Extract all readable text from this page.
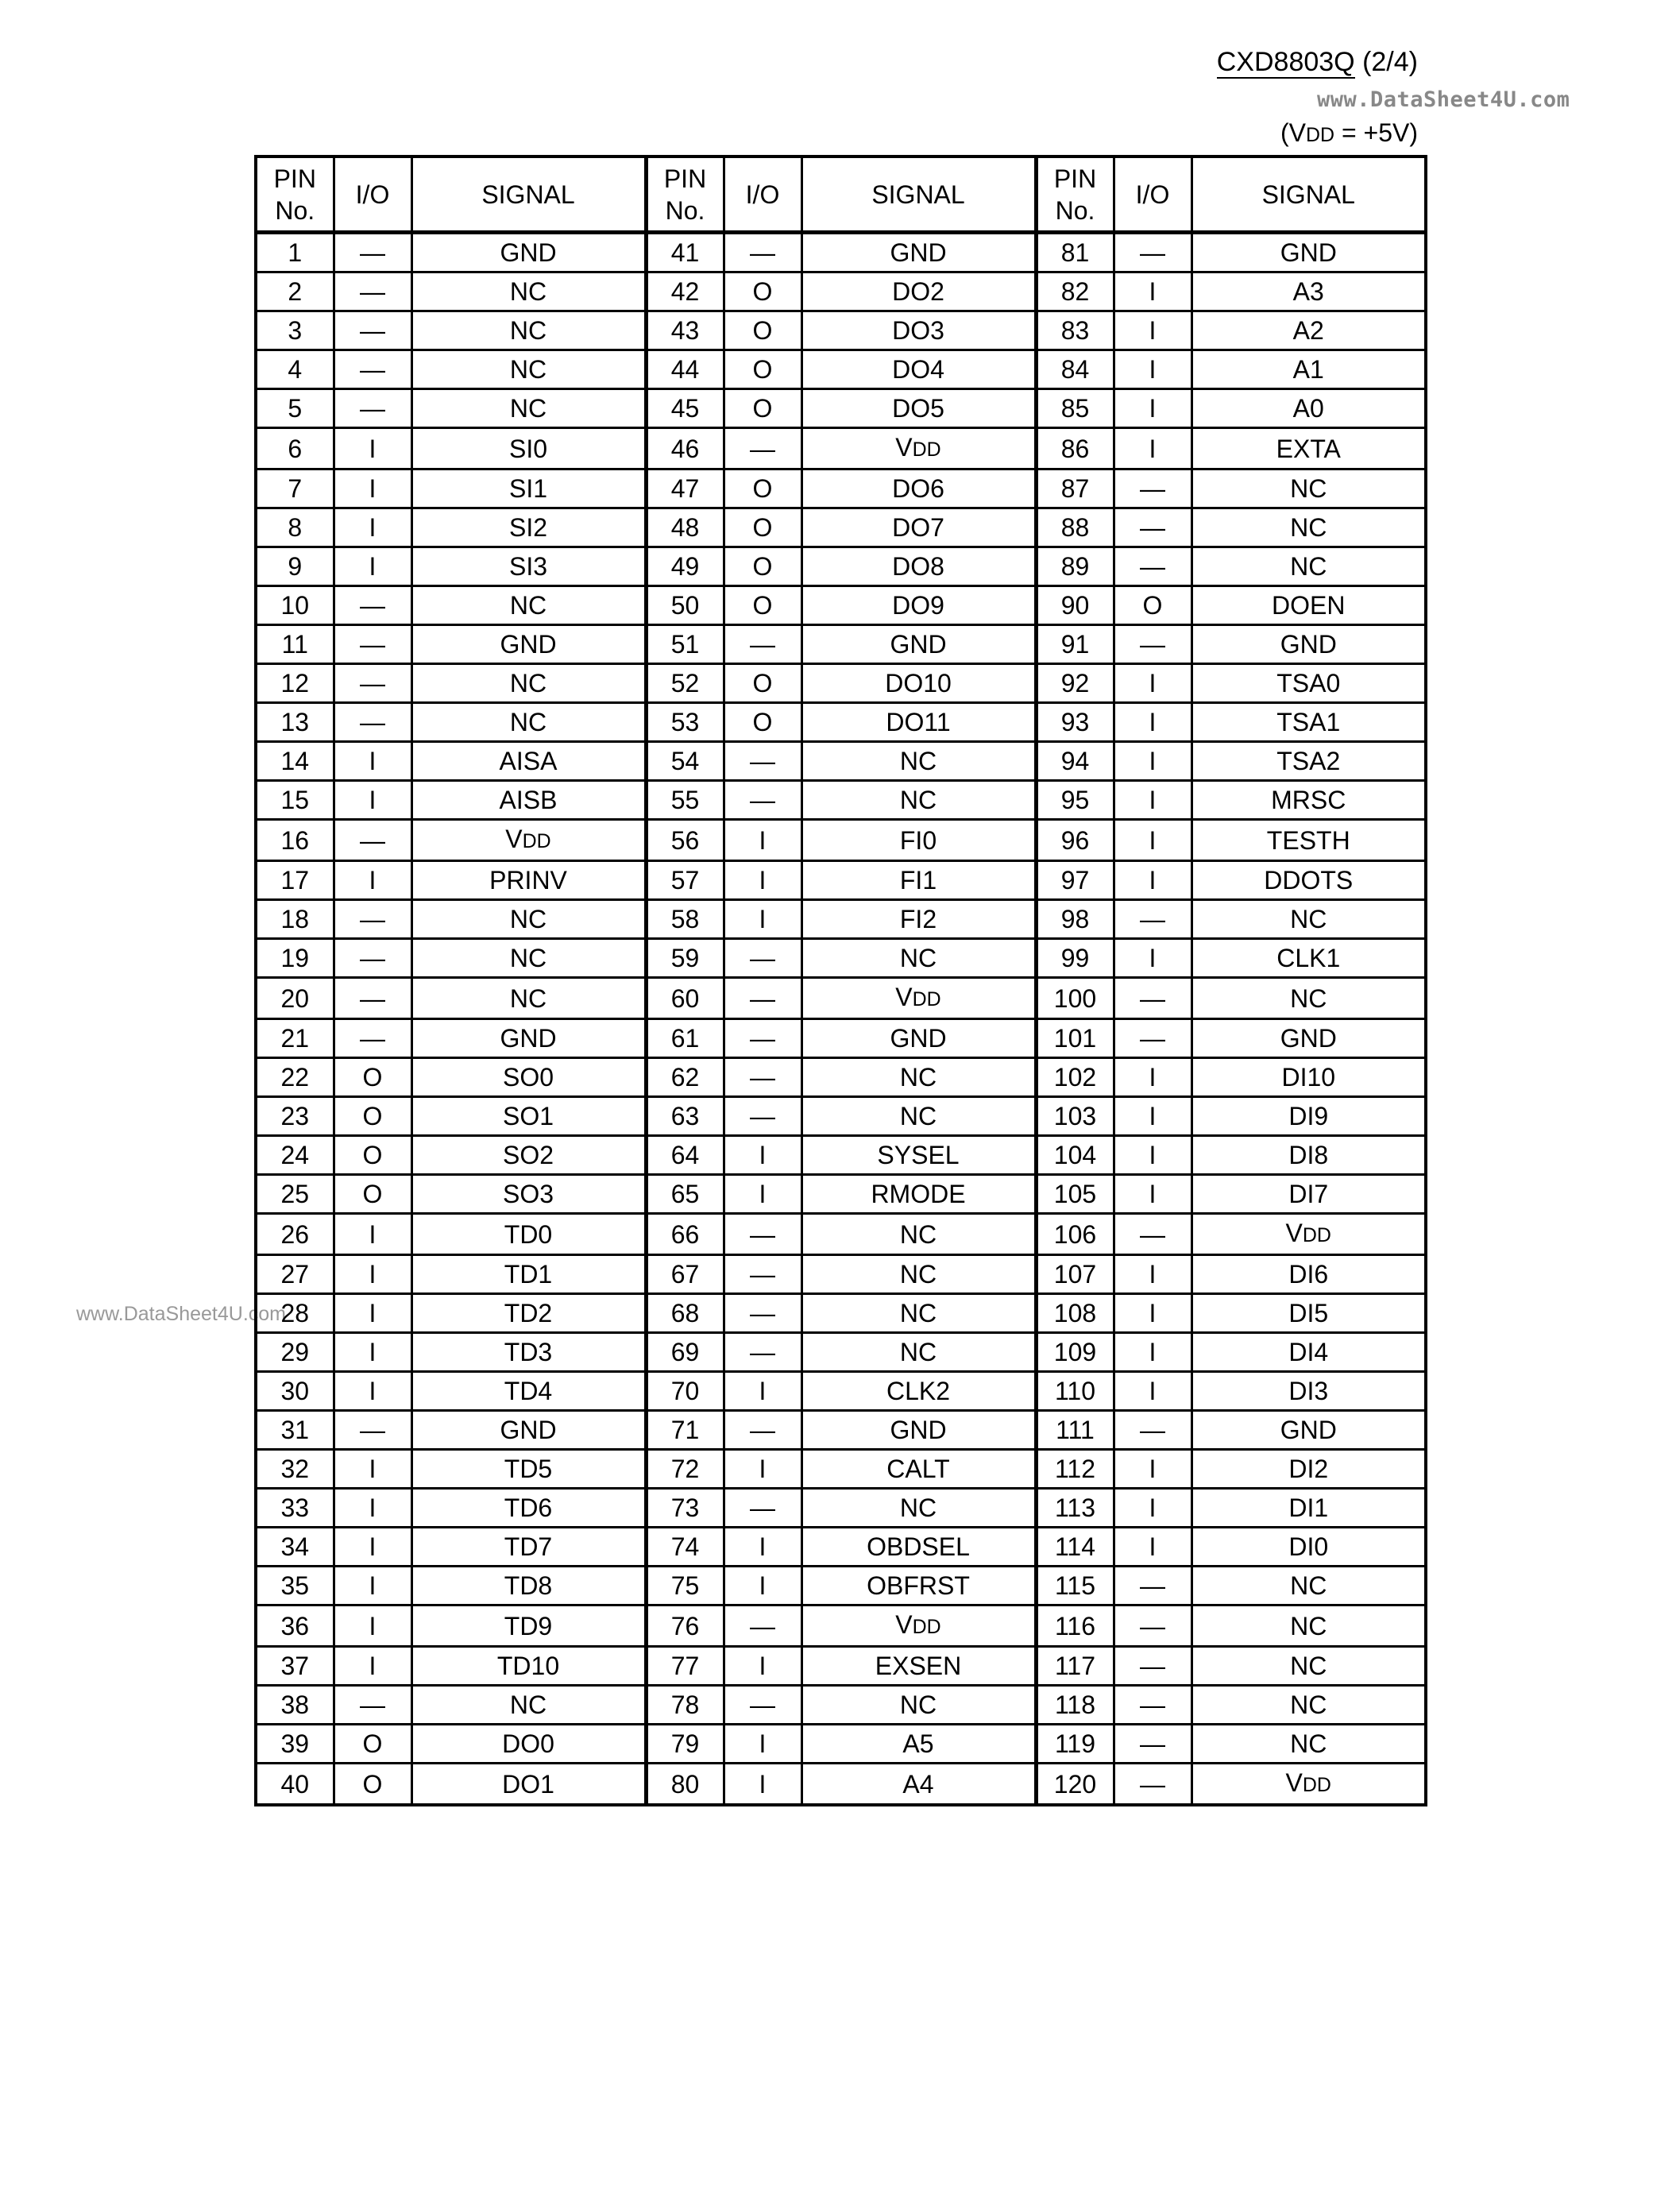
CXD8803Q (2/4)
www.DataSheet4U.com
(VDD = +5V)
www.DataSheet4U.com
PIN No.	I/O	SIGNAL	PIN No.	I/O	SIGNAL	PIN No.	I/O	SIGNAL
1	—	GND	41	—	GND	81	—	GND
2	—	NC	42	O	DO2	82	I	A3
3	—	NC	43	O	DO3	83	I	A2
4	—	NC	44	O	DO4	84	I	A1
5	—	NC	45	O	DO5	85	I	A0
6	I	SI0	46	—	VDD	86	I	EXTA
7	I	SI1	47	O	DO6	87	—	NC
8	I	SI2	48	O	DO7	88	—	NC
9	I	SI3	49	O	DO8	89	—	NC
10	—	NC	50	O	DO9	90	O	DOEN
11	—	GND	51	—	GND	91	—	GND
12	—	NC	52	O	DO10	92	I	TSA0
13	—	NC	53	O	DO11	93	I	TSA1
14	I	AISA	54	—	NC	94	I	TSA2
15	I	AISB	55	—	NC	95	I	MRSC
16	—	VDD	56	I	FI0	96	I	TESTH
17	I	PRINV	57	I	FI1	97	I	DDOTS
18	—	NC	58	I	FI2	98	—	NC
19	—	NC	59	—	NC	99	I	CLK1
20	—	NC	60	—	VDD	100	—	NC
21	—	GND	61	—	GND	101	—	GND
22	O	SO0	62	—	NC	102	I	DI10
23	O	SO1	63	—	NC	103	I	DI9
24	O	SO2	64	I	SYSEL	104	I	DI8
25	O	SO3	65	I	RMODE	105	I	DI7
26	I	TD0	66	—	NC	106	—	VDD
27	I	TD1	67	—	NC	107	I	DI6
28	I	TD2	68	—	NC	108	I	DI5
29	I	TD3	69	—	NC	109	I	DI4
30	I	TD4	70	I	CLK2	110	I	DI3
31	—	GND	71	—	GND	111	—	GND
32	I	TD5	72	I	CALT	112	I	DI2
33	I	TD6	73	—	NC	113	I	DI1
34	I	TD7	74	I	OBDSEL	114	I	DI0
35	I	TD8	75	I	OBFRST	115	—	NC
36	I	TD9	76	—	VDD	116	—	NC
37	I	TD10	77	I	EXSEN	117	—	NC
38	—	NC	78	—	NC	118	—	NC
39	O	DO0	79	I	A5	119	—	NC
40	O	DO1	80	I	A4	120	—	VDD
